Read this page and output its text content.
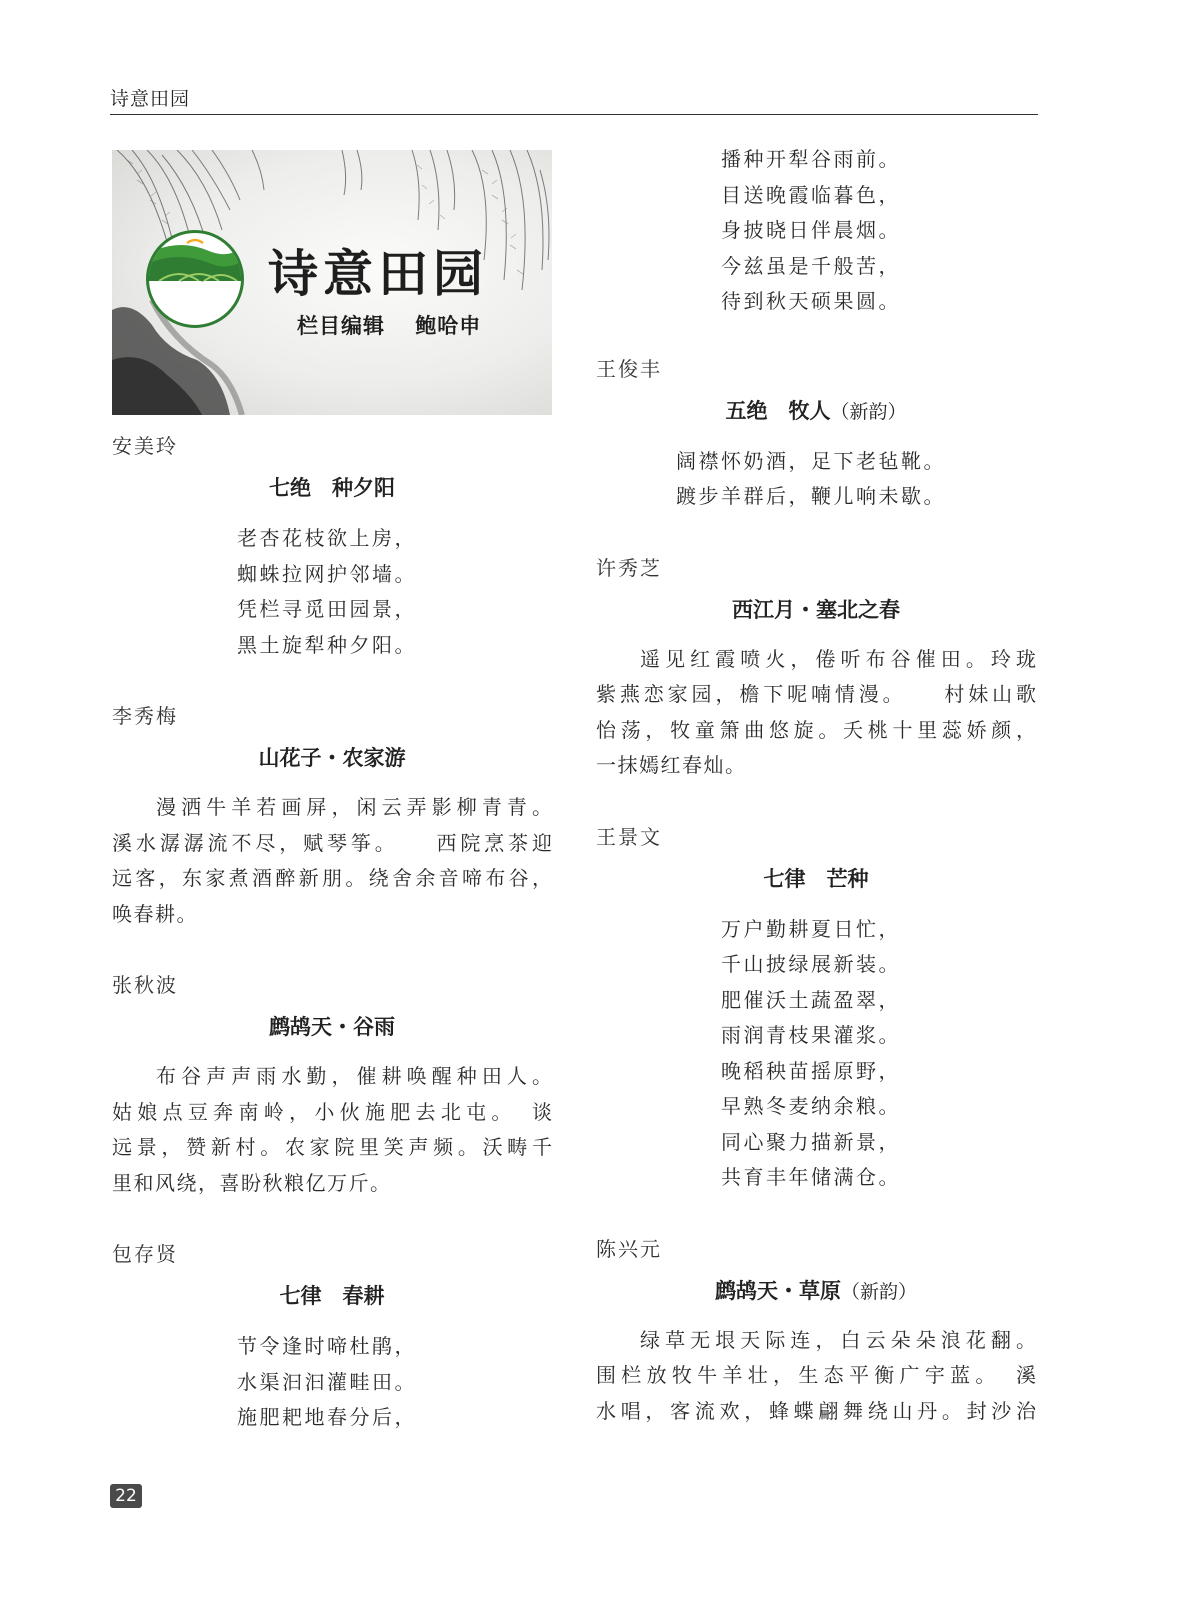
诗意田园
诗意田园
栏目编辑　 鲍哈申
安美玲
七绝　种夕阳
老杏花枝欲上房，
蜘蛛拉网护邻墙。
凭栏寻觅田园景，
黑土旋犁种夕阳。
李秀梅
山花子・农家游
漫洒牛羊若画屏，闲云弄影柳青青。
溪水潺潺流不尽，赋琴筝。　　西院烹茶迎
远客，东家煮酒醉新朋。绕舍余音啼布谷，
唤春耕。
张秋波
鹧鸪天・谷雨
布谷声声雨水勤，催耕唤醒种田人。
姑娘点豆奔南岭，小伙施肥去北屯。　谈
远景，赞新村。农家院里笑声频。沃畴千
里和风绕，喜盼秋粮亿万斤。
包存贤
七律　春耕
节令逢时啼杜鹃，
水渠汩汩灌畦田。
施肥耙地春分后，
播种开犁谷雨前。
目送晚霞临暮色，
身披晓日伴晨烟。
今兹虽是千般苦，
待到秋天硕果圆。
王俊丰
五绝　牧人（新韵）
阔襟怀奶酒，足下老毡靴。
踱步羊群后，鞭儿响未歇。
许秀芝
西江月・塞北之春
遥见红霞喷火，倦听布谷催田。玲珑
紫燕恋家园，檐下呢喃情漫。　　村妹山歌
怡荡，牧童箫曲悠旋。夭桃十里蕊娇颜，
一抹嫣红春灿。
王景文
七律　芒种
万户勤耕夏日忙，
千山披绿展新装。
肥催沃土蔬盈翠，
雨润青枝果灌浆。
晚稻秧苗摇原野，
早熟冬麦纳余粮。
同心聚力描新景，
共育丰年储满仓。
陈兴元
鹧鸪天・草原（新韵）
绿草无垠天际连，白云朵朵浪花翻。
围栏放牧牛羊壮，生态平衡广宇蓝。　溪
水唱，客流欢，蜂蝶翩舞绕山丹。封沙治
22
